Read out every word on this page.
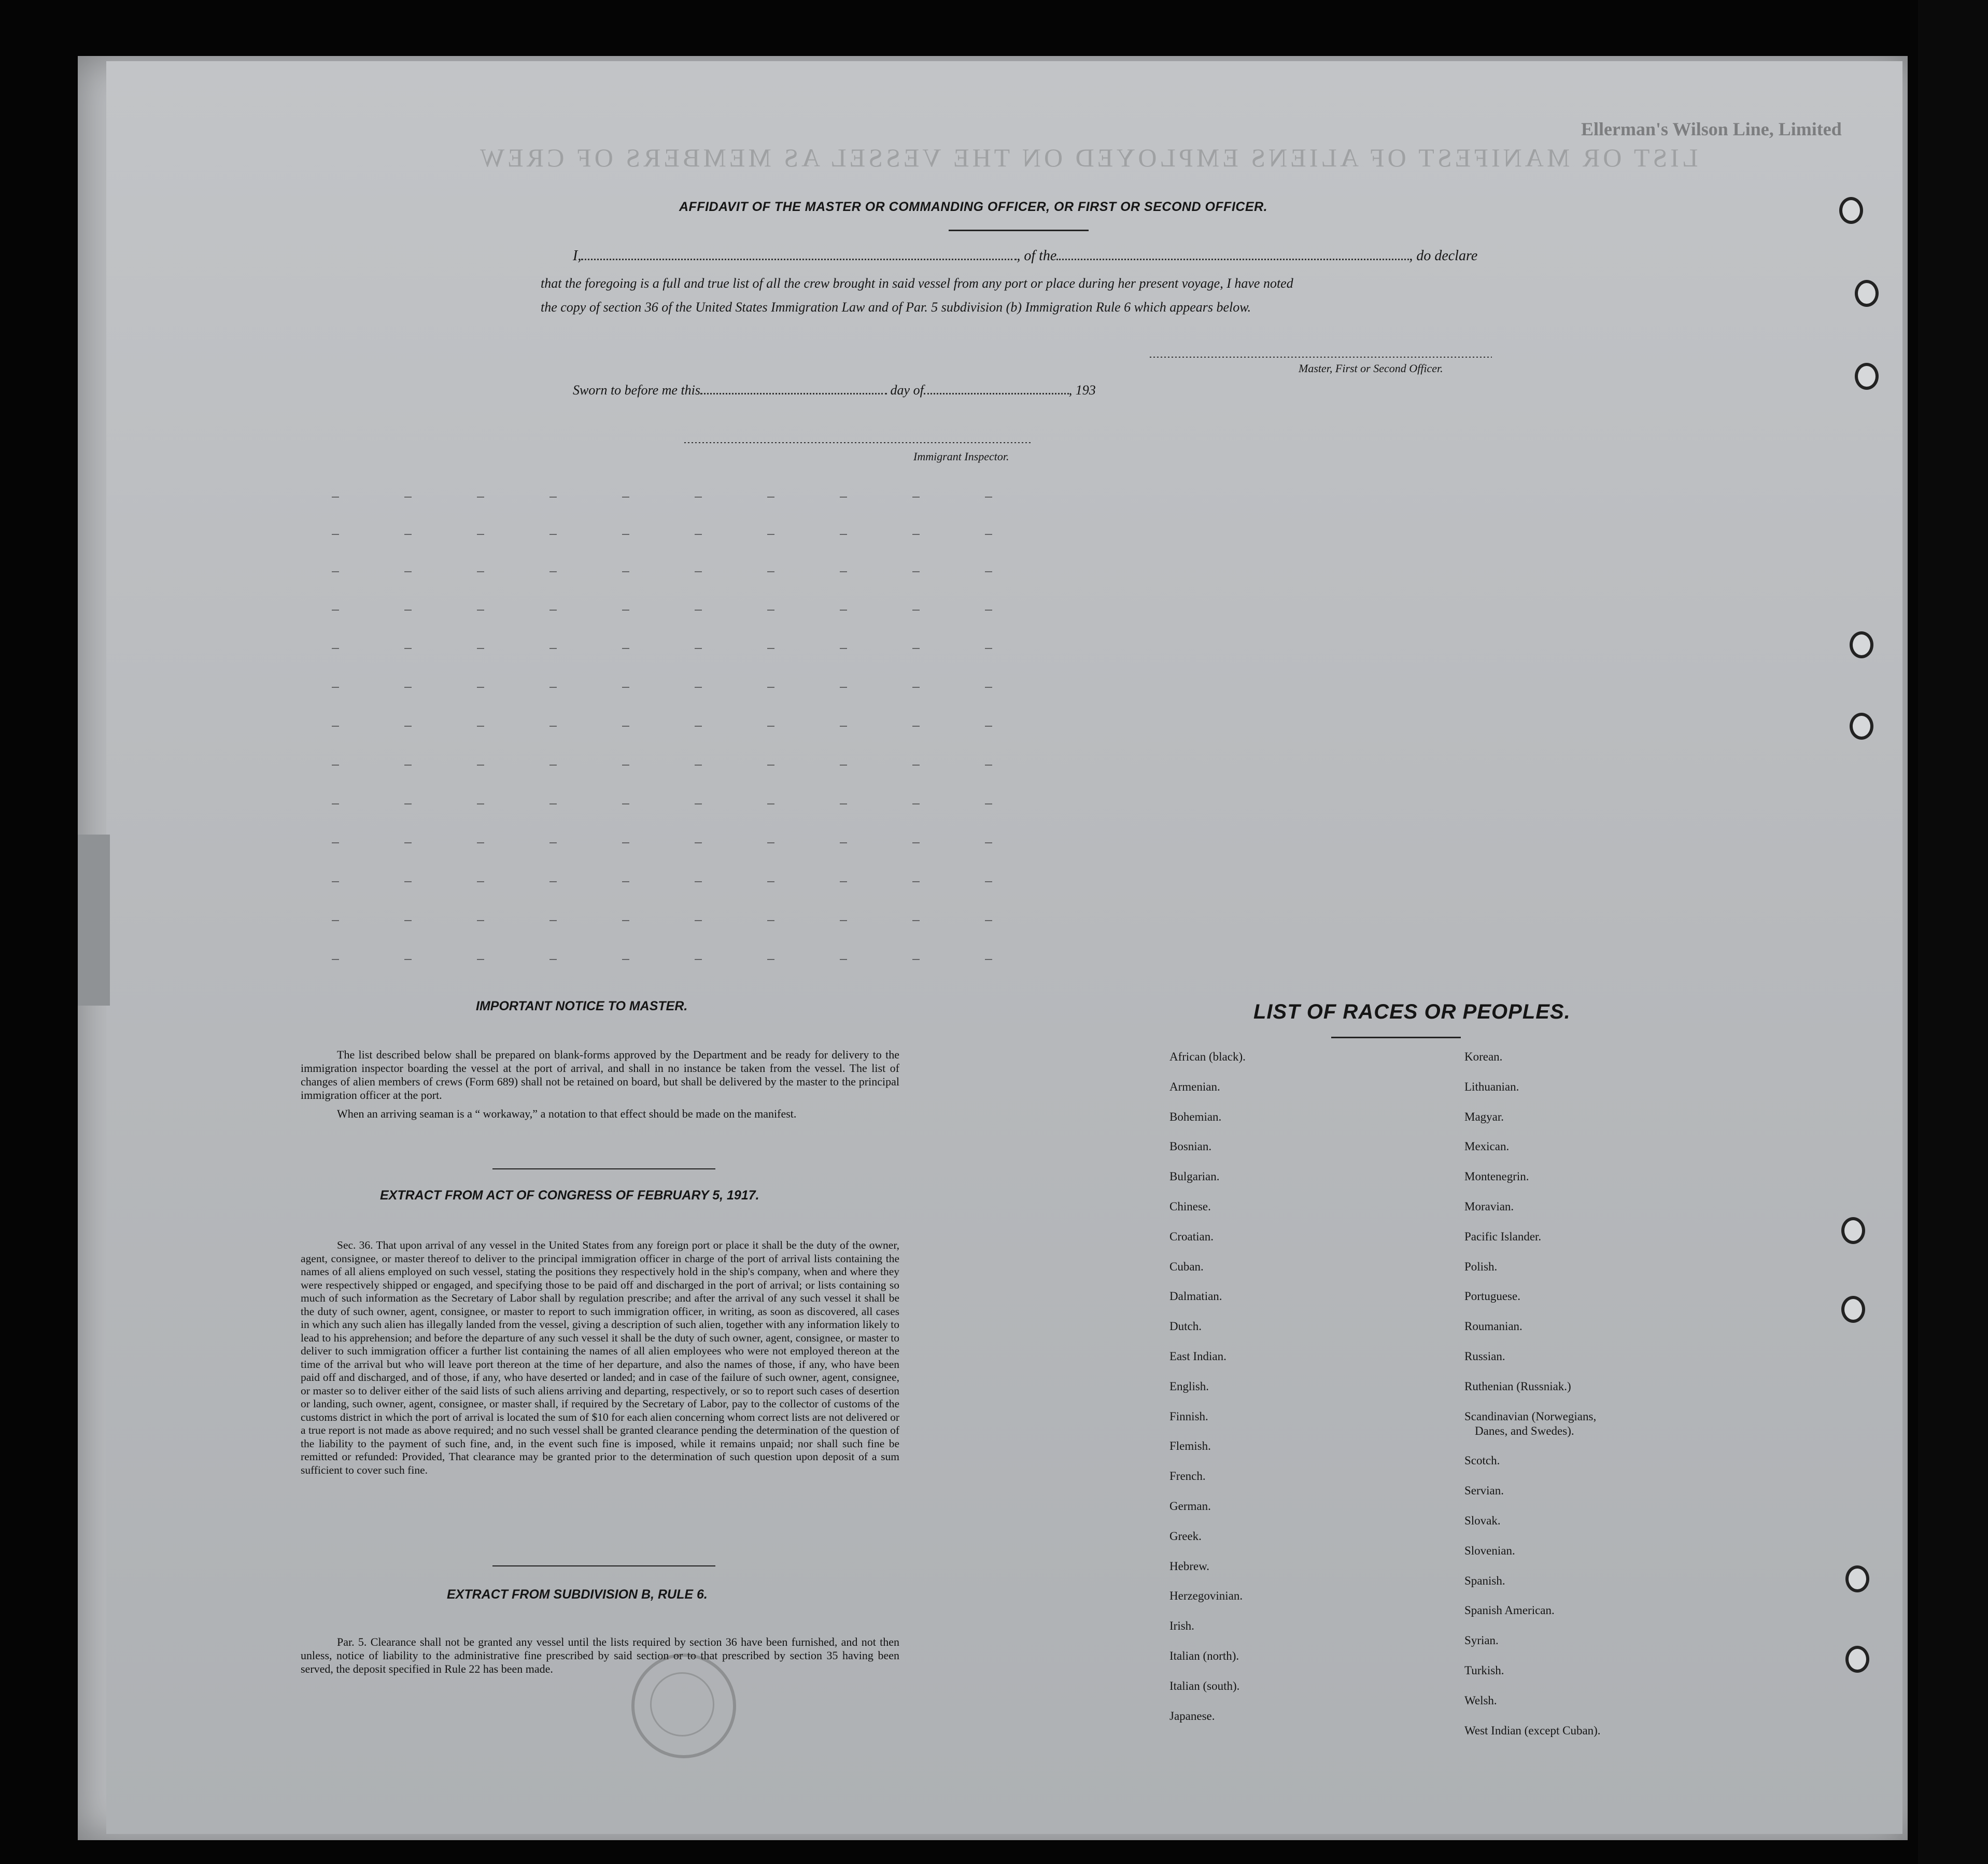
LIST OR MANIFEST OF ALIENS EMPLOYED ON THE VESSEL AS MEMBERS OF CREW
Ellerman's Wilson Line, Limited
AFFIDAVIT OF THE MASTER OR COMMANDING OFFICER, OR FIRST OR SECOND OFFICER.
I,	, of the	, do declare
that the foregoing is a full and true list of all the crew brought in said vessel from any port or place during her present voyage, I have noted
the copy of section 36 of the United States Immigration Law and of Par. 5 subdivision (b) Immigration Rule 6 which appears below.
Master, First or Second Officer.
Sworn to before me this	day of	, 193
Immigrant Inspector.
IMPORTANT NOTICE TO MASTER.

The list described below shall be prepared on blank-forms approved by the Department and be ready for delivery to the immigration inspector boarding the vessel at the port of arrival, and shall in no instance be taken from the vessel. The list of changes of alien members of crews (Form 689) shall not be retained on board, but shall be delivered by the master to the principal immigration officer at the port.

When an arriving seaman is a “ workaway,” a notation to that effect should be made on the manifest.

EXTRACT FROM ACT OF CONGRESS OF FEBRUARY 5, 1917.

Sec. 36. That upon arrival of any vessel in the United States from any foreign port or place it shall be the duty of the owner, agent, consignee, or master thereof to deliver to the principal immigration officer in charge of the port of arrival lists containing the names of all aliens employed on such vessel, stating the positions they respectively hold in the ship's company, when and where they were respectively shipped or engaged, and specifying those to be paid off and discharged in the port of arrival; or lists containing so much of such information as the Secretary of Labor shall by regulation prescribe; and after the arrival of any such vessel it shall be the duty of such owner, agent, consignee, or master to report to such immigration officer, in writing, as soon as discovered, all cases in which any such alien has illegally landed from the vessel, giving a description of such alien, together with any information likely to lead to his apprehension; and before the departure of any such vessel it shall be the duty of such owner, agent, consignee, or master to deliver to such immigration officer a further list containing the names of all alien employees who were not employed thereon at the time of the arrival but who will leave port thereon at the time of her departure, and also the names of those, if any, who have been paid off and discharged, and of those, if any, who have deserted or landed; and in case of the failure of such owner, agent, consignee, or master so to deliver either of the said lists of such aliens arriving and departing, respectively, or so to report such cases of desertion or landing, such owner, agent, consignee, or master shall, if required by the Secretary of Labor, pay to the collector of customs of the customs district in which the port of arrival is located the sum of $10 for each alien concerning whom correct lists are not delivered or a true report is not made as above required; and no such vessel shall be granted clearance pending the determination of the question of the liability to the payment of such fine, and, in the event such fine is imposed, while it remains unpaid; nor shall such fine be remitted or refunded: Provided, That clearance may be granted prior to the determination of such question upon deposit of a sum sufficient to cover such fine.

EXTRACT FROM SUBDIVISION B, RULE 6.

Par. 5. Clearance shall not be granted any vessel until the lists required by section 36 have been furnished, and not then unless, notice of liability to the administrative fine prescribed by said section or to that prescribed by section 35 having been served, the deposit specified in Rule 22 has been made.

LIST OF RACES OR PEOPLES.
African (black).
Armenian.
Bohemian.
Bosnian.
Bulgarian.
Chinese.
Croatian.
Cuban.
Dalmatian.
Dutch.
East Indian.
English.
Finnish.
Flemish.
French.
German.
Greek.
Hebrew.
Herzegovinian.
Irish.
Italian (north).
Italian (south).
Japanese.
Korean.
Lithuanian.
Magyar.
Mexican.
Montenegrin.
Moravian.
Pacific Islander.
Polish.
Portuguese.
Roumanian.
Russian.
Ruthenian (Russniak.)
Scandinavian (Norwegians,
Danes, and Swedes).
Scotch.
Servian.
Slovak.
Slovenian.
Spanish.
Spanish American.
Syrian.
Turkish.
Welsh.
West Indian (except Cuban).
